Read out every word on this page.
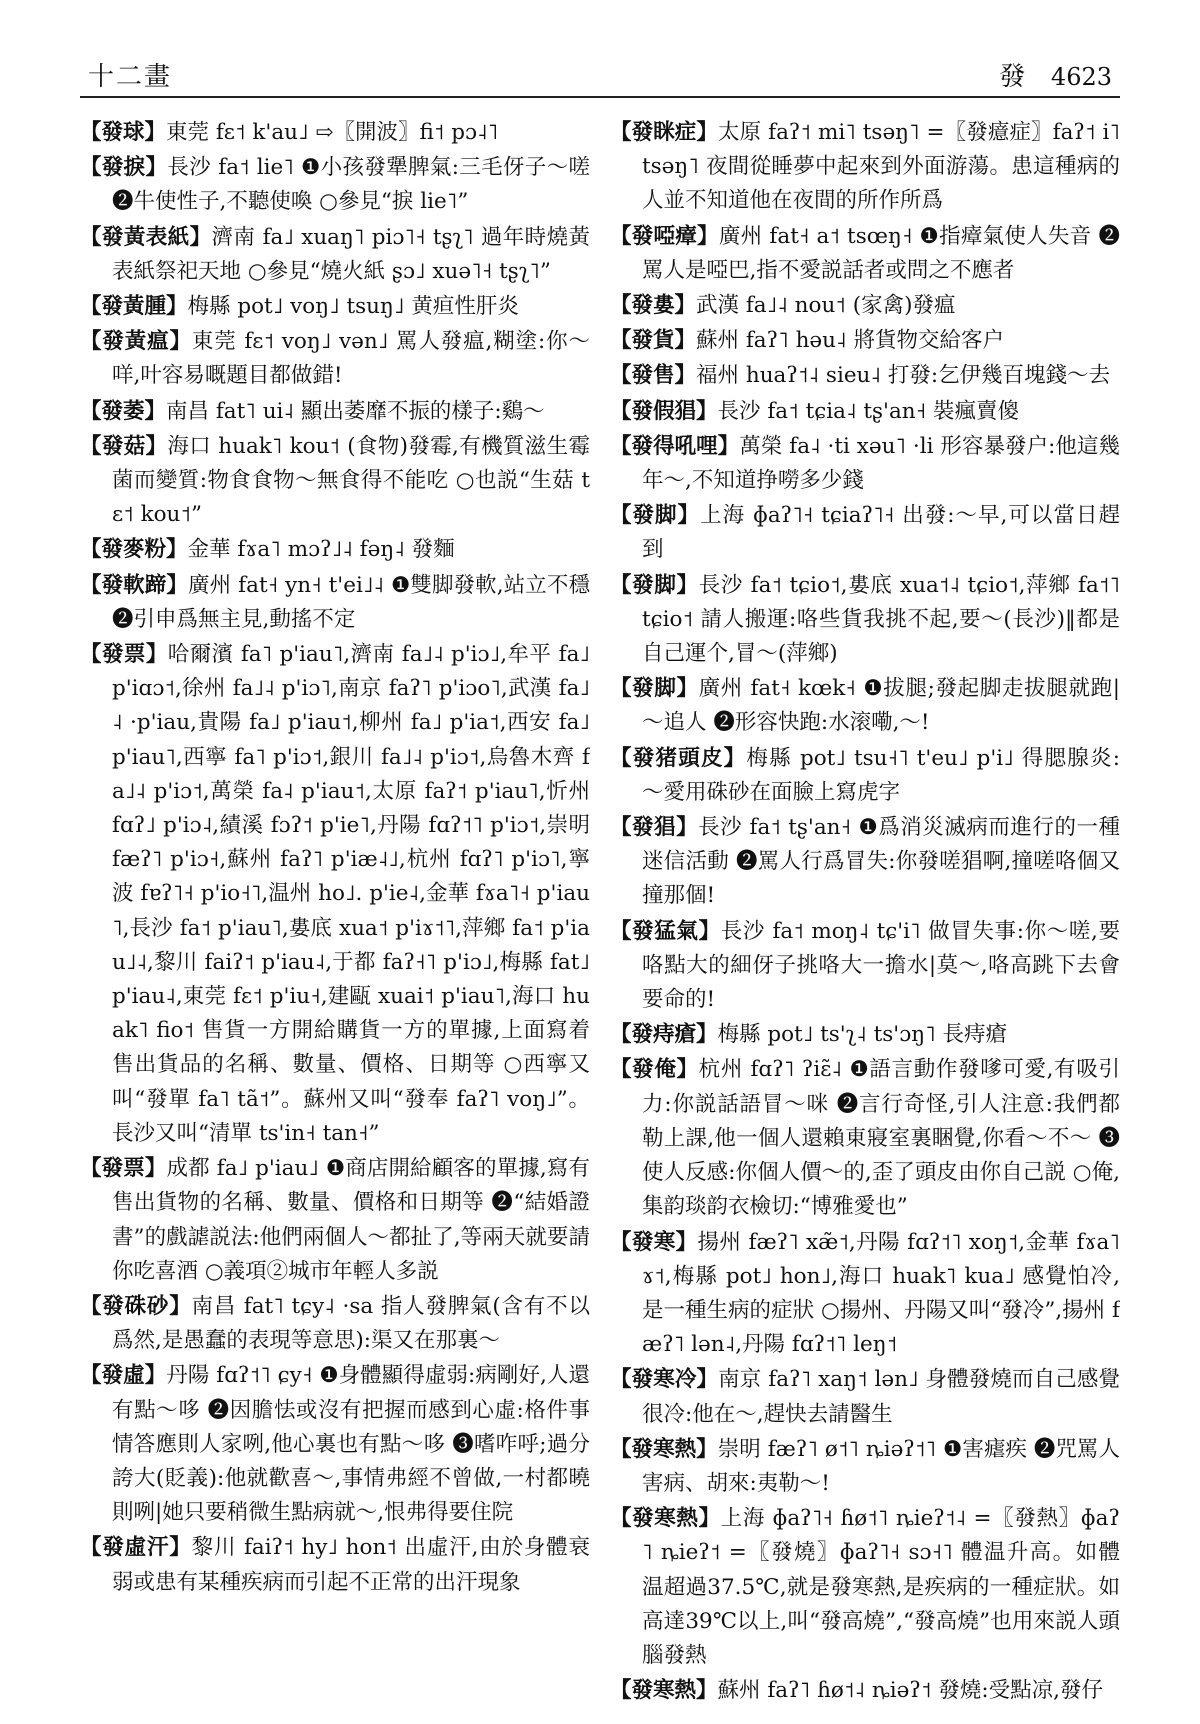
十二畫	發 4623

【發球】東莞 fɛ˦ k'au˩ ⇨〖開波〗fi˦ pɔ˨˥

【發捩】長沙 fa˦ lie˥ ❶小孩發犟脾氣:三毛伢子～嗟 ❷牛使性子,不聽使喚 ○參見“捩 lie˥”

【發黃表紙】濟南 fa˩ xuaŋ˥ piɔ˥˧ tʂʅ˥ 過年時燒黃表紙祭祀天地 ○參見“燒火紙 ʂɔ˩ xuə˥˧ tʂʅ˥”

【發黃腫】梅縣 pot˩ voŋ˩ tsuŋ˩ 黄疸性肝炎

【發黃瘟】東莞 fɛ˦ voŋ˩ vən˩ 罵人發瘟,糊塗:你～咩,叶容易嘅題目都做錯!

【發萎】南昌 fat˥ ui˨ 顯出萎靡不振的樣子:鷄～

【發菇】海口 huak˥ kou˦ (食物)發霉,有機質滋生霉菌而變質:物食食物～無食得不能吃 ○也説“生菇 tɛ˦ kou˦”

【發麥粉】金華 fɤa˥ mɔʔ˩˨ fəŋ˨ 發麵

【發軟蹄】廣州 fat˧ yn˧ t'ei˩˨ ❶雙脚發軟,站立不穩 ❷引申爲無主見,動搖不定

【發票】哈爾濱 fa˥ p'iau˥,濟南 fa˩˨ p'iɔ˩,牟平 fa˩ p'iɑɔ˦,徐州 fa˩˨ p'iɔ˥,南京 faʔ˥ p'iɔo˥,武漢 fa˩˨ ·p'iau,貴陽 fa˩ p'iau˦,柳州 fa˩ p'ia˦,西安 fa˩ p'iau˥,西寧 fa˥ p'iɔ˦,銀川 fa˩˨ p'iɔ˦,烏魯木齊 fa˩˨ p'iɔ˦,萬榮 fa˨ p'iau˦,太原 faʔ˦ p'iau˥,忻州 fɑʔ˩ p'iɔ˨,績溪 fɔʔ˦ p'ie˥,丹陽 fɑʔ˦˥ p'iɔ˦,崇明 fæʔ˥ p'iɔ˧,蘇州 faʔ˥ p'iæ˨˩,杭州 fɑʔ˥ p'iɔ˥,寧波 fɐʔ˥˧ p'io˧˥,温州 ho˩. p'ie˨,金華 fɤa˥˧ p'iau˥,長沙 fa˦ p'iau˥,婁底 xua˦ p'iɤ˦˥,萍鄉 fa˦ p'iau˩˨,黎川 faiʔ˦ p'iau˨,于都 faʔ˧˥ p'iɔ˩,梅縣 fat˩ p'iau˨,東莞 fɛ˦ p'iu˧,建甌 xuai˦ p'iau˥,海口 huak˥ fio˦ 售貨一方開給購貨一方的單據,上面寫着售出貨品的名稱、數量、價格、日期等 ○西寧又叫“發單 fa˥ tã˦”。蘇州又叫“發奉 faʔ˥ voŋ˩”。長沙又叫“清單 ts'in˧ tan˧”

【發票】成都 fa˩ p'iau˩ ❶商店開給顧客的單據,寫有售出貨物的名稱、數量、價格和日期等 ❷“結婚證書”的戲謔説法:他們兩個人～都扯了,等兩天就要請你吃喜酒 ○義項②城市年輕人多説

【發硃砂】南昌 fat˥ tɕy˨ ·sa 指人發脾氣(含有不以爲然,是愚蠢的表現等意思):渠又在那裏～

【發虛】丹陽 fɑʔ˦˥ ɕy˧ ❶身體顯得虛弱:病剛好,人還有點～哆 ❷因膽怯或沒有把握而感到心虛:格件事情答應則人家咧,他心裏也有點～哆 ❸嗜咋呼;過分誇大(貶義):他就歡喜～,事情弗經不曾做,一村都曉則咧|她只要稍微生點病就～,恨弗得要住院

【發虛汗】黎川 faiʔ˦ hy˩ hon˦ 出虛汗,由於身體衰弱或患有某種疾病而引起不正常的出汗現象

【發眯症】太原 faʔ˦ mi˥ tsəŋ˥ =〖發癔症〗faʔ˦ i˥ tsəŋ˥ 夜間從睡夢中起來到外面游蕩。患這種病的人並不知道他在夜間的所作所爲

【發啞瘴】廣州 fat˧ a˦ tsœŋ˧ ❶指瘴氣使人失音 ❷罵人是啞巴,指不愛説話者或問之不應者

【發婁】武漢 fa˩˨ nou˦ (家禽)發瘟

【發貨】蘇州 faʔ˥ həu˨ 將貨物交給客户

【發售】福州 huaʔ˦˨ sieu˨ 打發:乞伊幾百塊錢～去

【發假猖】長沙 fa˦ tɕia˨ tʂ'an˧ 裝瘋賣傻

【發得吼哩】萬榮 fa˨ ·ti xəu˥ ·li 形容暴發户:他這幾年～,不知道挣嘮多少錢

【發脚】上海 ɸaʔ˥˧ tɕiaʔ˥˧ 出發:～早,可以當日趕到

【發脚】長沙 fa˦ tɕio˦,婁底 xua˦˨ tɕio˦,萍鄉 fa˦˥ tɕio˦ 請人搬運:咯些貨我挑不起,要～(長沙)‖都是自己運个,冒～(萍鄉)

【發脚】廣州 fat˧ kœk˧ ❶拔腿;發起脚走拔腿就跑|～追人 ❷形容快跑:水滚嘞,～!

【發猪頭皮】梅縣 pot˩ tsu˧˥ t'eu˩ p'i˩ 得腮腺炎:～愛用硃砂在面臉上寫虎字

【發猖】長沙 fa˦ tʂ'an˧ ❶爲消災滅病而進行的一種迷信活動 ❷罵人行爲冒失:你發嗟猖啊,撞嗟咯個又撞那個!

【發猛氣】長沙 fa˦ moŋ˨ tɕ'i˥ 做冒失事:你～嗟,要咯點大的細伢子挑咯大一擔水|莫～,咯高跳下去會要命的!

【發痔瘡】梅縣 pot˩ ts'ʅ˨ ts'ɔŋ˥ 長痔瘡

【發俺】杭州 fɑʔ˥ ʔiɛ̃˨ ❶語言動作發嗲可愛,有吸引力:你説話語冒～咪 ❷言行奇怪,引人注意:我們都勒上課,他一個人還賴東寢室裏睏覺,你看～不～ ❸使人反感:你個人價～的,歪了頭皮由你自己説 ○俺,集韵琰韵衣檢切:“博雅愛也”

【發寒】揚州 fæʔ˥ xæ̃˦,丹陽 fɑʔ˦˥ xoŋ˦,金華 fɤa˥ ɤ˦,梅縣 pot˩ hon˩,海口 huak˥ kua˩ 感覺怕冷,是一種生病的症狀 ○揚州、丹陽又叫“發冷”,揚州 fæʔ˥ lən˨,丹陽 fɑʔ˦˥ leŋ˦

【發寒冷】南京 faʔ˥ xaŋ˦ lən˩ 身體發燒而自己感覺很冷:他在～,趕快去請醫生

【發寒熱】崇明 fæʔ˥ ø˦˥ ȵiəʔ˦˥ ❶害瘧疾 ❷咒罵人害病、胡來:夷勒～!

【發寒熱】上海 ɸaʔ˥˧ ɦø˦˥ ȵieʔ˦˨ =〖發熱〗ɸaʔ˥ ȵieʔ˦ =〖發燒〗ɸaʔ˥˧ sɔ˧˥ 體温升高。如體温超過37.5℃,就是發寒熱,是疾病的一種症狀。如高達39℃以上,叫“發高燒”,“發高燒”也用來説人頭腦發熱

【發寒熱】蘇州 faʔ˥ ɦø˦˨ ȵiəʔ˦ 發燒:受點凉,發仔
